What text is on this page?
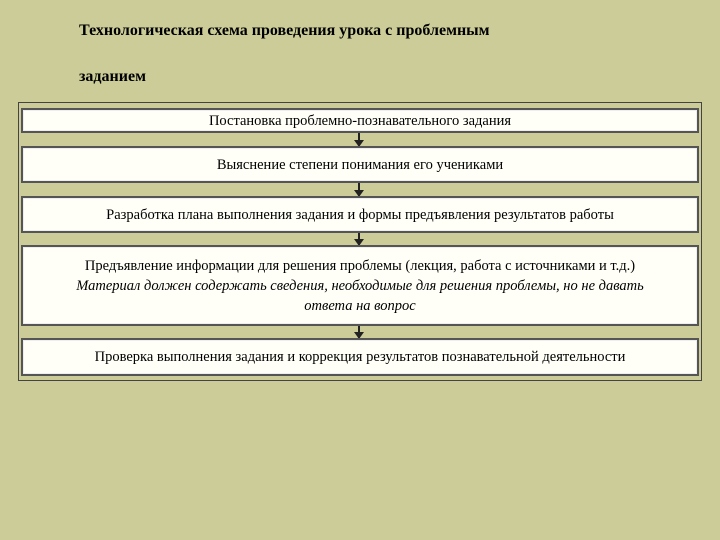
Технологическая схема проведения урока с проблемным
заданием
Постановка проблемно-познавательного задания
Выяснение степени понимания его учениками
Разработка плана выполнения задания и формы предъявления результатов работы
Предъявление информации для решения проблемы (лекция, работа с источниками и т.д.)
Материал должен содержать сведения, необходимые для решения проблемы, но не давать ответа на вопрос
Проверка выполнения задания и коррекция результатов познавательной деятельности
